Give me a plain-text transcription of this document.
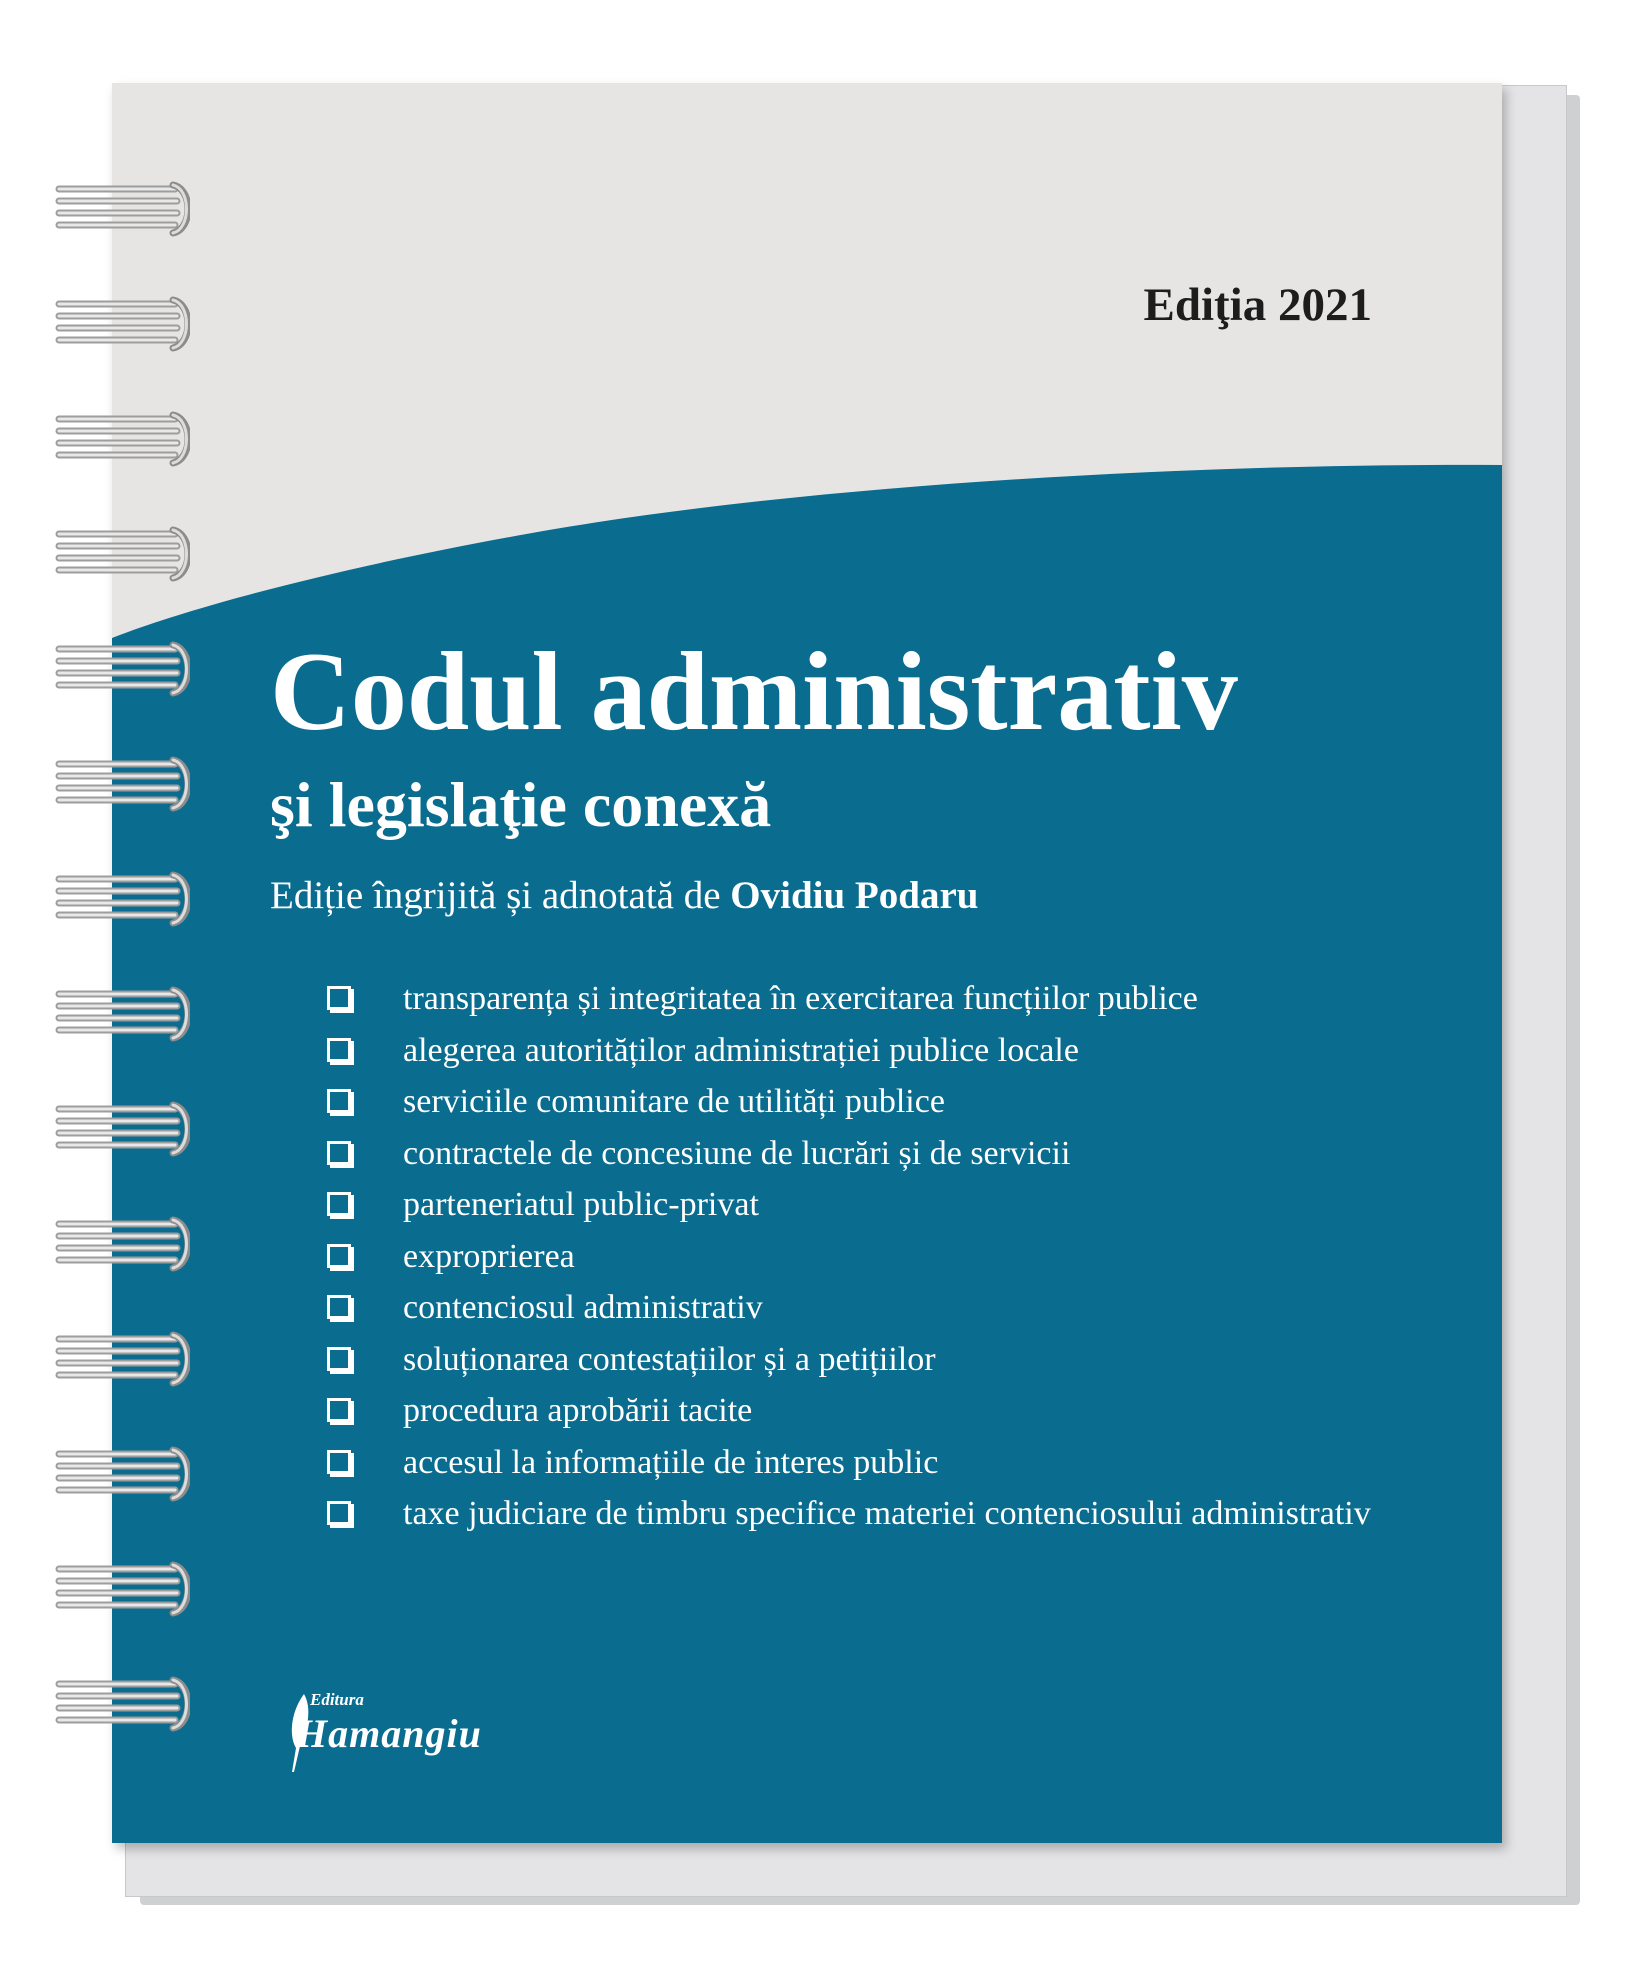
Ediţia 2021
Codul administrativ
şi legislaţie conexă
Ediție îngrijită și adnotată de Ovidiu Podaru
transparența și integritatea în exercitarea funcțiilor publice
alegerea autorităților administrației publice locale
serviciile comunitare de utilități publice
contractele de concesiune de lucrări și de servicii
parteneriatul public-privat
exproprierea
contenciosul administrativ
soluționarea contestațiilor și a petițiilor
procedura aprobării tacite
accesul la informațiile de interes public
taxe judiciare de timbru specifice materiei contenciosului administrativ
Editura
Hamangiu
